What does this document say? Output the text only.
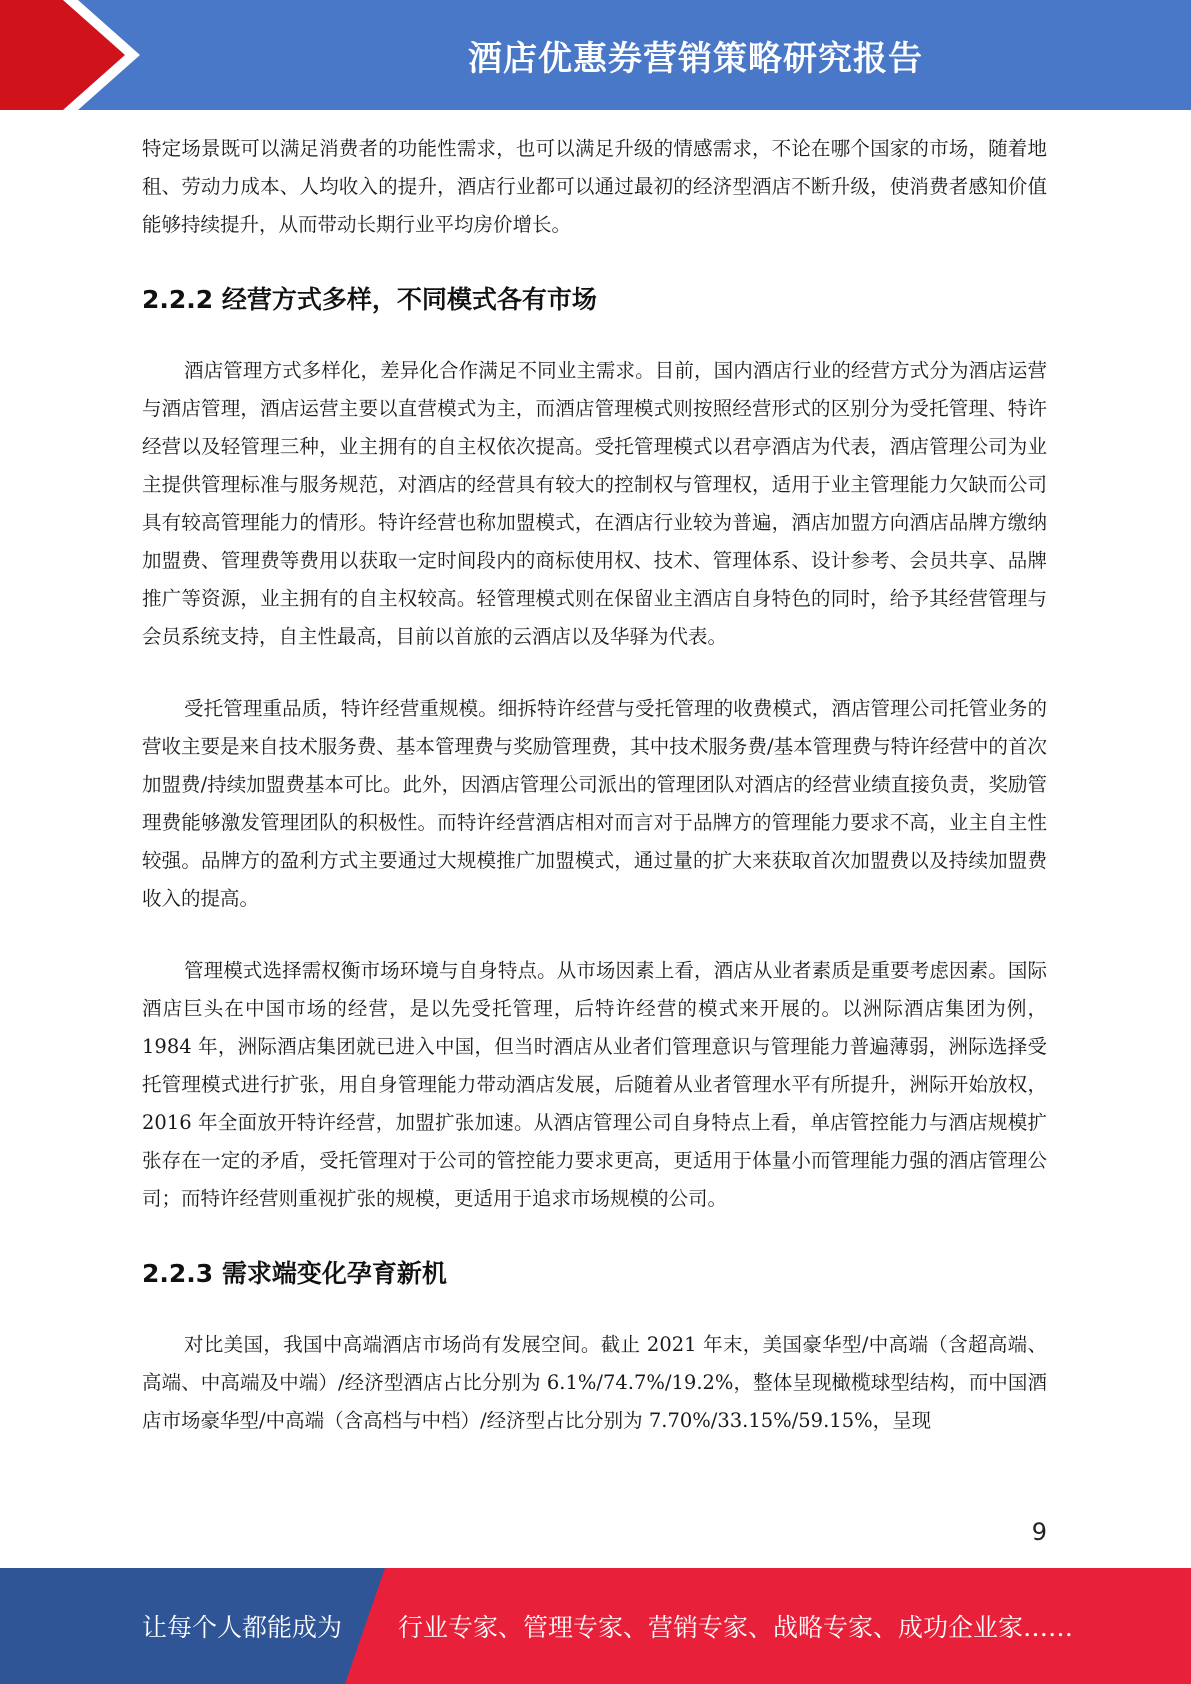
酒店优惠券营销策略研究报告

特定场景既可以满足消费者的功能性需求，也可以满足升级的情感需求，不论在哪个国家的市场，随着地租、劳动力成本、人均收入的提升，酒店行业都可以通过最初的经济型酒店不断升级，使消费者感知价值能够持续提升，从而带动长期行业平均房价增长。

2.2.2 经营方式多样，不同模式各有市场

酒店管理方式多样化，差异化合作满足不同业主需求。目前，国内酒店行业的经营方式分为酒店运营与酒店管理，酒店运营主要以直营模式为主，而酒店管理模式则按照经营形式的区别分为受托管理、特许经营以及轻管理三种，业主拥有的自主权依次提高。受托管理模式以君亭酒店为代表，酒店管理公司为业主提供管理标准与服务规范，对酒店的经营具有较大的控制权与管理权，适用于业主管理能力欠缺而公司具有较高管理能力的情形。特许经营也称加盟模式，在酒店行业较为普遍，酒店加盟方向酒店品牌方缴纳加盟费、管理费等费用以获取一定时间段内的商标使用权、技术、管理体系、设计参考、会员共享、品牌推广等资源，业主拥有的自主权较高。轻管理模式则在保留业主酒店自身特色的同时，给予其经营管理与会员系统支持，自主性最高，目前以首旅的云酒店以及华驿为代表。

受托管理重品质，特许经营重规模。细拆特许经营与受托管理的收费模式，酒店管理公司托管业务的营收主要是来自技术服务费、基本管理费与奖励管理费，其中技术服务费/基本管理费与特许经营中的首次加盟费/持续加盟费基本可比。此外，因酒店管理公司派出的管理团队对酒店的经营业绩直接负责，奖励管理费能够激发管理团队的积极性。而特许经营酒店相对而言对于品牌方的管理能力要求不高，业主自主性较强。品牌方的盈利方式主要通过大规模推广加盟模式，通过量的扩大来获取首次加盟费以及持续加盟费收入的提高。

管理模式选择需权衡市场环境与自身特点。从市场因素上看，酒店从业者素质是重要考虑因素。国际酒店巨头在中国市场的经营，是以先受托管理，后特许经营的模式来开展的。以洲际酒店集团为例，1984 年，洲际酒店集团就已进入中国，但当时酒店从业者们管理意识与管理能力普遍薄弱，洲际选择受托管理模式进行扩张，用自身管理能力带动酒店发展，后随着从业者管理水平有所提升，洲际开始放权，2016 年全面放开特许经营，加盟扩张加速。从酒店管理公司自身特点上看，单店管控能力与酒店规模扩张存在一定的矛盾，受托管理对于公司的管控能力要求更高，更适用于体量小而管理能力强的酒店管理公司；而特许经营则重视扩张的规模，更适用于追求市场规模的公司。

2.2.3 需求端变化孕育新机

对比美国，我国中高端酒店市场尚有发展空间。截止 2021 年末，美国豪华型/中高端（含超高端、高端、中高端及中端）/经济型酒店占比分别为 6.1%/74.7%/19.2%，整体呈现橄榄球型结构，而中国酒店市场豪华型/中高端（含高档与中档）/经济型占比分别为 7.70%/33.15%/59.15%，呈现

9
让每个人都能成为 行业专家、管理专家、营销专家、战略专家、成功企业家……
